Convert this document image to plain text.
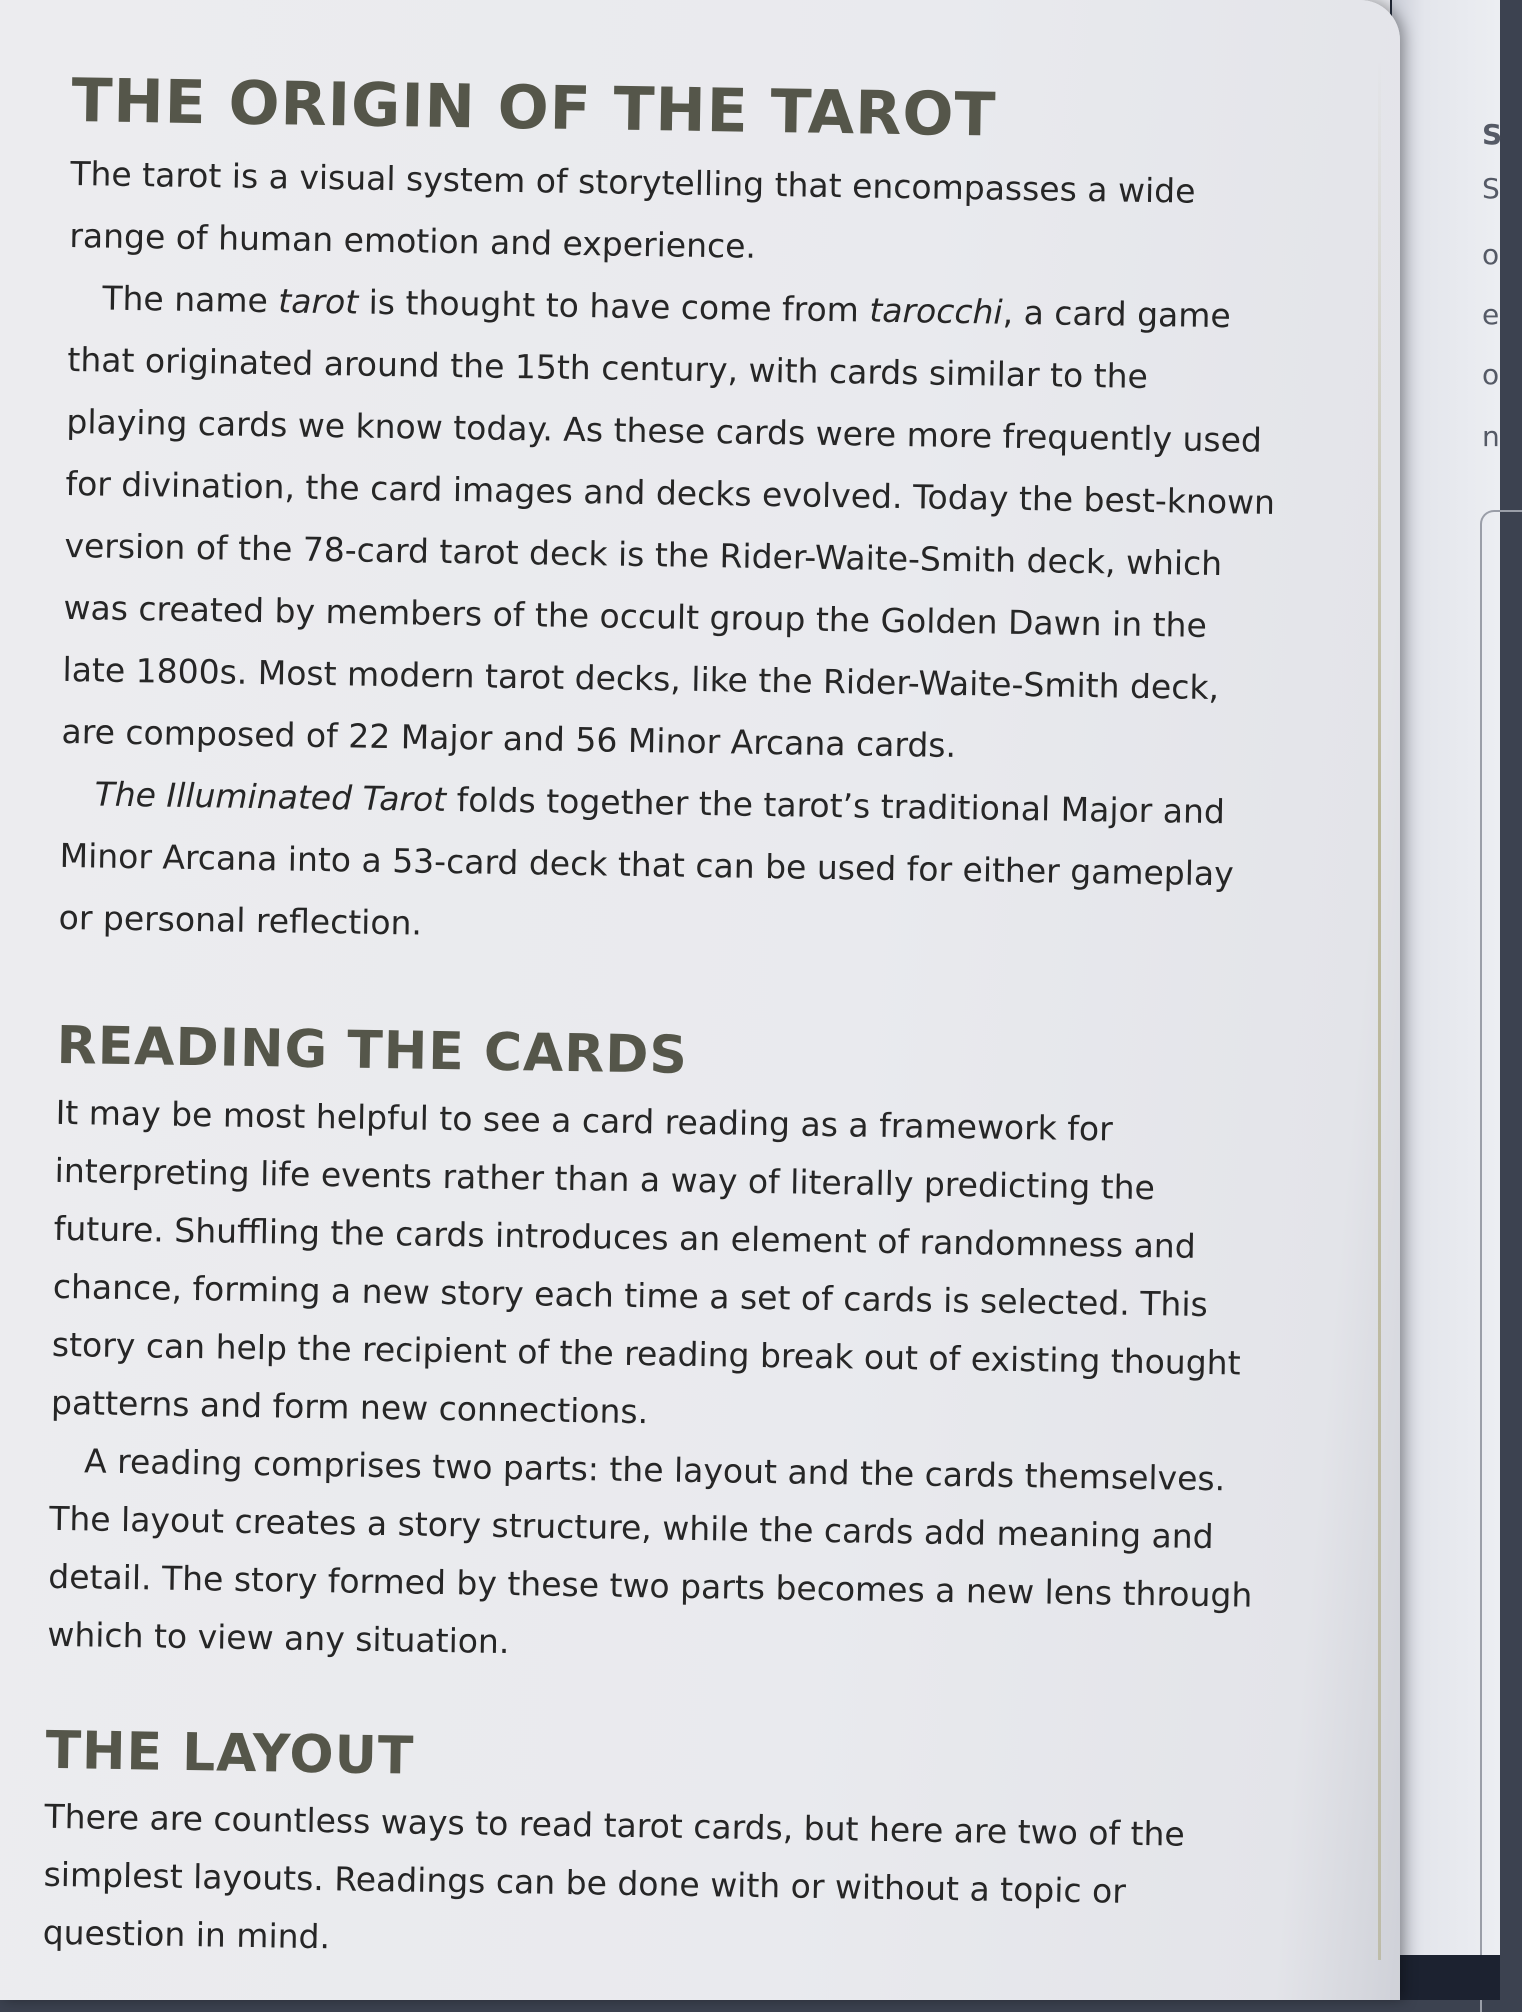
S
S
o
e
o
n
THE ORIGIN OF THE TAROT

The tarot is a visual system of storytelling that encompasses a wide range of human emotion and experience.

The name tarot is thought to have come from tarocchi, a card game that originated around the 15th century, with cards similar to the playing cards we know today. As these cards were more frequently used for divination, the card images and decks evolved. Today the best-known version of the 78-card tarot deck is the Rider-Waite-Smith deck, which was created by members of the occult group the Golden Dawn in the late 1800s. Most modern tarot decks, like the Rider-Waite-Smith deck, are composed of 22 Major and 56 Minor Arcana cards.

The Illuminated Tarot folds together the tarot’s traditional Major and Minor Arcana into a 53-card deck that can be used for either gameplay or personal reflection.

READING THE CARDS

It may be most helpful to see a card reading as a framework for interpreting life events rather than a way of literally predicting the future. Shuffling the cards introduces an element of randomness and chance, forming a new story each time a set of cards is selected. This story can help the recipient of the reading break out of existing thought patterns and form new connections.

A reading comprises two parts: the layout and the cards themselves. The layout creates a story structure, while the cards add meaning and detail. The story formed by these two parts becomes a new lens through which to view any situation.

THE LAYOUT

There are countless ways to read tarot cards, but here are two of the simplest layouts. Readings can be done with or without a topic or question in mind.
